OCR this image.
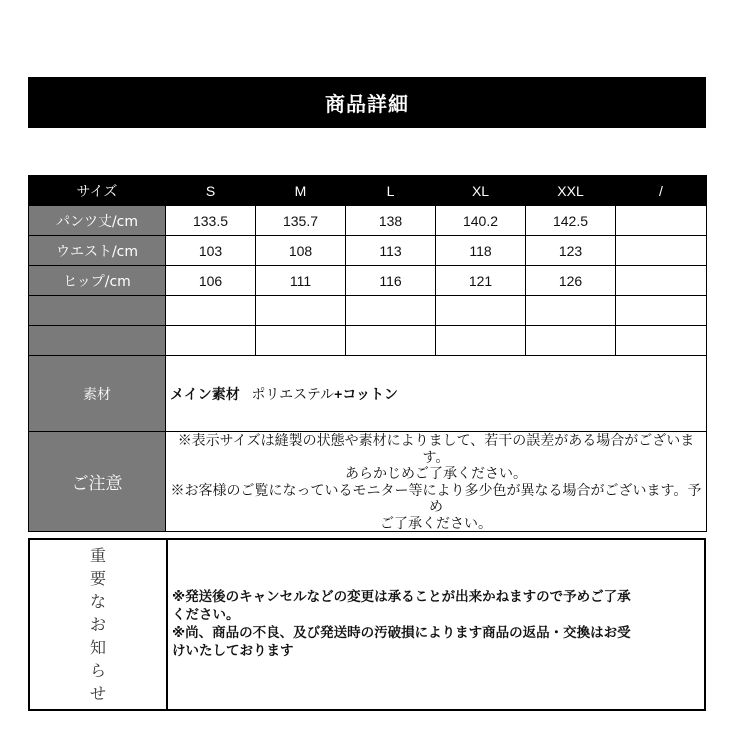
商品詳細
サイズ	S	M	L	XL	XXL	/
パンツ丈/cm	133.5	135.7	138	140.2	142.5	
ウエスト/cm	103	108	113	118	123	
ヒップ/cm	106	111	116	121	126	

素材	メイン素材 ポリエステル+コットン					
ご注意	※表示サイズは縫製の状態や素材によりまして、若干の誤差がある場合がございます。
あらかじめご了承ください。
※お客様のご覧になっているモニター等により多少色が異なる場合がございます。予め
ご了承ください。					
重
要
な
お
知
ら
せ

※発送後のキャンセルなどの変更は承ることが出来かねますので予めご了承

ください。

※尚、商品の不良、及び発送時の汚破損によります商品の返品・交換はお受

けいたしております
